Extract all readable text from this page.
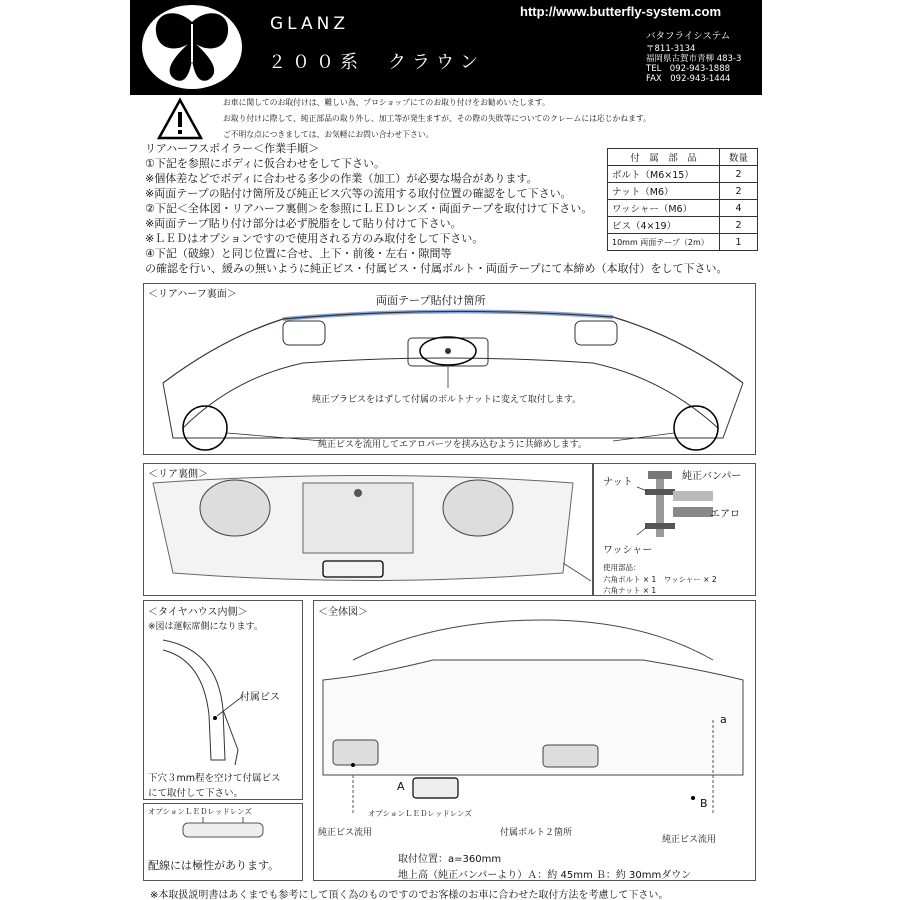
GLANZ
２００系　クラウン
http://www.butterfly-system.com
バタフライシステム
〒811-3134
福岡県古賀市青柳 483-3
TEL　092-943-1888
FAX　092-943-1444
お車に関してのお取付けは、難しい為、プロショップにてのお取り付けをお勧めいたします。
お取り付けに際して、純正部品の取り外し、加工等が発生ますが、その際の失敗等についてのクレームには応じかねます。
ご不明な点につきましては、お気軽にお問い合わせ下さい。
リアハーフスポイラー＜作業手順＞
①下記を参照にボディに仮合わせをして下さい。
※個体差などでボディに合わせる多少の作業（加工）が必要な場合があります。
※両面テープの貼付け箇所及び純正ビス穴等の流用する取付位置の確認をして下さい。
②下記＜全体図・リアハーフ裏側＞を参照にＬＥＤレンズ・両面テープを取付けて下さい。
※両面テープ貼り付け部分は必ず脱脂をして貼り付けて下さい。
※ＬＥＤはオプションですので使用される方のみ取付をして下さい。
④下記（破線）と同じ位置に合せ、上下・前後・左右・隙間等
の確認を行い、緩みの無いように純正ビス・付属ビス・付属ボルト・両面テープにて本締め（本取付）をして下さい。
付　属　部　品	数量
ボルト（M6×15）	2
ナット（M6）	2
ワッシャー（M6）	4
ビス（4×19）	2
10mm 両面テープ（2m）	1
＜リアハーフ裏面＞	両面テープ貼付け箇所
純正プラビスをはずして付属のボルトナットに変えて取付します。
純正ビスを流用してエアロパーツを挟み込むように共締めします。
＜リア裏側＞
ナット
純正バンパー
エアロ
ワッシャー
使用部品：
六角ボルト × 1　ワッシャー × 2
六角ナット × 1
＜タイヤハウス内側＞
※図は運転席側になります。
付属ビス
下穴３mm程を空けて付属ビス
にて取付して下さい。
オプションＬＥＤレッドレンズ
配線には極性があります。
＜全体図＞
a
A
B
オプションＬＥＤレッドレンズ
純正ビス流用	付属ボルト２箇所
純正ビス流用
取付位置：a=360mm
地上高（純正バンパーより）Ａ：約 45mm Ｂ：約 30mmダウン
※本取扱説明書はあくまでも参考にして頂く為のものですのでお客様のお車に合わせた取付方法を考慮して下さい。
